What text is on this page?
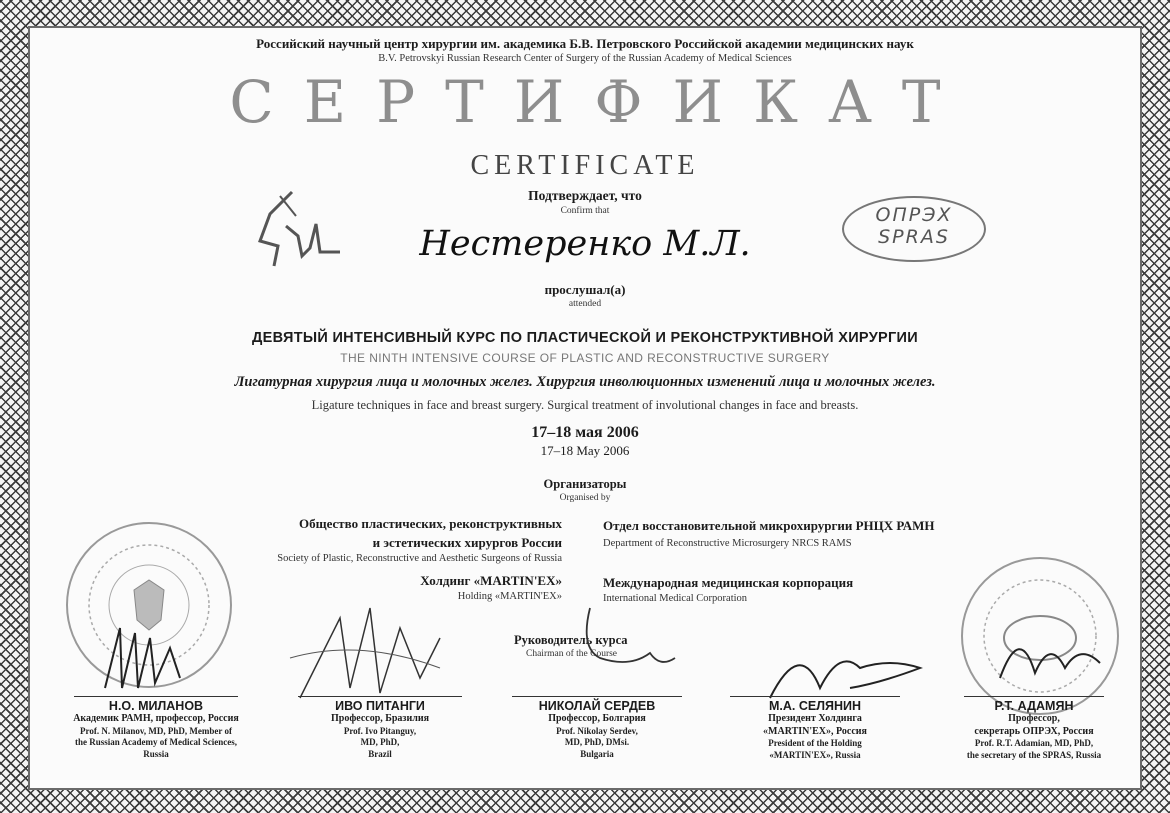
Российский научный центр хирургии им. академика Б.В. Петровского Российской академии медицинских наук
B.V. Petrovskyi Russian Research Center of Surgery of the Russian Academy of Medical Sciences
СЕРТИФИКАТ
CERTIFICATE
Подтверждает, что
Confirm that	ОПРЭХ
SPRAS
Нестеренко М.Л.
прослушал(а)
attended
ДЕВЯТЫЙ ИНТЕНСИВНЫЙ КУРС ПО ПЛАСТИЧЕСКОЙ И РЕКОНСТРУКТИВНОЙ ХИРУРГИИ
THE NINTH INTENSIVE COURSE OF PLASTIC AND RECONSTRUCTIVE SURGERY
Лигатурная хирургия лица и молочных желез. Хирургия инволюционных изменений лица и молочных желез.
Ligature techniques in face and breast surgery. Surgical treatment of involutional changes in face and breasts.
17–18 мая 2006
17–18 May 2006
Организаторы
Organised by
Общество пластических, реконструктивных
и эстетических хирургов России
Society of Plastic, Reconstructive and Aesthetic Surgeons of Russia
Холдинг «MARTIN'EX»
Holding «MARTIN'EX»
Отдел восстановительной микрохирургии РНЦХ РАМН
Department of Reconstructive Microsurgery NRCS RAMS
Международная медицинская корпорация
International Medical Corporation
Руководитель курса
Chairman of the Course
Н.О. МИЛАНОВ
Академик РАМН, профессор, Россия
Prof. N. Milanov, MD, PhD, Member of
the Russian Academy of Medical Sciences,
Russia
ИВО ПИТАНГИ
Профессор, Бразилия
Prof. Ivo Pitanguy,
MD, PhD,
Brazil
НИКОЛАЙ СЕРДЕВ
Профессор, Болгария
Prof. Nikolay Serdev,
MD, PhD, DMsi.
Bulgaria
М.А. СЕЛЯНИН
Президент Холдинга
«MARTIN'EX», Россия
President of the Holding
«MARTIN'EX», Russia
Р.Т. АДАМЯН
Профессор,
секретарь ОПРЭХ, Россия
Prof. R.T. Adamian, MD, PhD,
the secretary of the SPRAS, Russia
